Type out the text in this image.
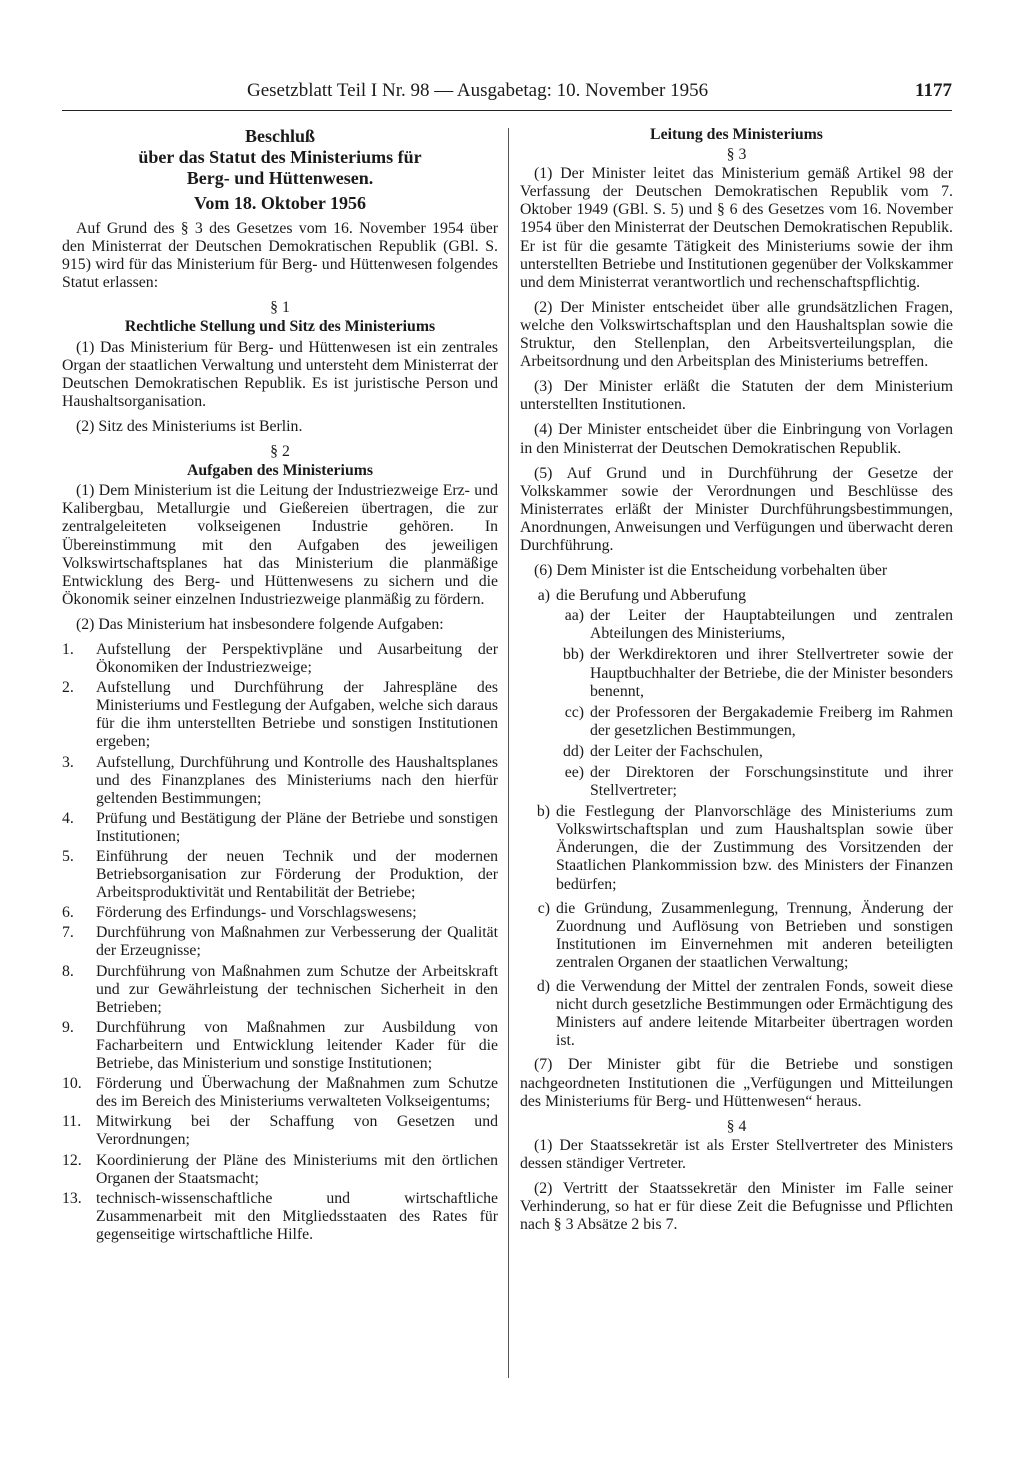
Gesetzblatt Teil I Nr. 98 — Ausgabetag: 10. November 1956	1177
Beschluß
über das Statut des Ministeriums für
Berg- und Hüttenwesen.
Vom 18. Oktober 1956

Auf Grund des § 3 des Gesetzes vom 16. November 1954 über den Ministerrat der Deutschen Demokratischen Republik (GBl. S. 915) wird für das Ministerium für Berg- und Hüttenwesen folgendes Statut erlassen:

§ 1
Rechtliche Stellung und Sitz des Ministeriums

(1) Das Ministerium für Berg- und Hüttenwesen ist ein zentrales Organ der staatlichen Verwaltung und untersteht dem Ministerrat der Deutschen Demokratischen Republik. Es ist juristische Person und Haushaltsorganisation.

(2) Sitz des Ministeriums ist Berlin.

§ 2
Aufgaben des Ministeriums

(1) Dem Ministerium ist die Leitung der Industriezweige Erz- und Kalibergbau, Metallurgie und Gießereien übertragen, die zur zentralgeleiteten volkseigenen Industrie gehören. In Übereinstimmung mit den Aufgaben des jeweiligen Volkswirtschaftsplanes hat das Ministerium die planmäßige Entwicklung des Berg- und Hüttenwesens zu sichern und die Ökonomik seiner einzelnen Industriezweige planmäßig zu fördern.

(2) Das Ministerium hat insbesondere folgende Aufgaben:

1.	Aufstellung der Perspektivpläne und Ausarbeitung der Ökonomiken der Industriezweige;
2.	Aufstellung und Durchführung der Jahrespläne des Ministeriums und Festlegung der Aufgaben, welche sich daraus für die ihm unterstellten Betriebe und sonstigen Institutionen ergeben;
3.	Aufstellung, Durchführung und Kontrolle des Haushaltsplanes und des Finanzplanes des Ministeriums nach den hierfür geltenden Bestimmungen;
4.	Prüfung und Bestätigung der Pläne der Betriebe und sonstigen Institutionen;
5.	Einführung der neuen Technik und der modernen Betriebsorganisation zur Förderung der Produktion, der Arbeitsproduktivität und Rentabilität der Betriebe;
6.	Förderung des Erfindungs- und Vorschlagswesens;
7.	Durchführung von Maßnahmen zur Verbesserung der Qualität der Erzeugnisse;
8.	Durchführung von Maßnahmen zum Schutze der Arbeitskraft und zur Gewährleistung der technischen Sicherheit in den Betrieben;
9.	Durchführung von Maßnahmen zur Ausbildung von Facharbeitern und Entwicklung leitender Kader für die Betriebe, das Ministerium und sonstige Institutionen;
10. Förderung und Überwachung der Maßnahmen zum Schutze des im Bereich des Ministeriums verwalteten Volkseigentums;
11. Mitwirkung bei der Schaffung von Gesetzen und Verordnungen;
12. Koordinierung der Pläne des Ministeriums mit den örtlichen Organen der Staatsmacht;
13. technisch-wissenschaftliche und wirtschaftliche Zusammenarbeit mit den Mitgliedsstaaten des Rates für gegenseitige wirtschaftliche Hilfe.
Leitung des Ministeriums
§ 3

(1) Der Minister leitet das Ministerium gemäß Artikel 98 der Verfassung der Deutschen Demokratischen Republik vom 7. Oktober 1949 (GBl. S. 5) und § 6 des Gesetzes vom 16. November 1954 über den Ministerrat der Deutschen Demokratischen Republik. Er ist für die gesamte Tätigkeit des Ministeriums sowie der ihm unterstellten Betriebe und Institutionen gegenüber der Volkskammer und dem Ministerrat verantwortlich und rechenschaftspflichtig.

(2) Der Minister entscheidet über alle grundsätzlichen Fragen, welche den Volkswirtschaftsplan und den Haushaltsplan sowie die Struktur, den Stellenplan, den Arbeitsverteilungsplan, die Arbeitsordnung und den Arbeitsplan des Ministeriums betreffen.

(3) Der Minister erläßt die Statuten der dem Ministerium unterstellten Institutionen.

(4) Der Minister entscheidet über die Einbringung von Vorlagen in den Ministerrat der Deutschen Demokratischen Republik.

(5) Auf Grund und in Durchführung der Gesetze der Volkskammer sowie der Verordnungen und Beschlüsse des Ministerrates erläßt der Minister Durchführungsbestimmungen, Anordnungen, Anweisungen und Verfügungen und überwacht deren Durchführung.

(6) Dem Minister ist die Entscheidung vorbehalten über

a) die Berufung und Abberufung
aa) der Leiter der Hauptabteilungen und zentralen Abteilungen des Ministeriums,
bb) der Werkdirektoren und ihrer Stellvertreter sowie der Hauptbuchhalter der Betriebe, die der Minister besonders benennt,
cc) der Professoren der Bergakademie Freiberg im Rahmen der gesetzlichen Bestimmungen,
dd) der Leiter der Fachschulen,
ee) der Direktoren der Forschungsinstitute und ihrer Stellvertreter;
b) die Festlegung der Planvorschläge des Ministeriums zum Volkswirtschaftsplan und zum Haushaltsplan sowie über Änderungen, die der Zustimmung des Vorsitzenden der Staatlichen Plankommission bzw. des Ministers der Finanzen bedürfen;
c) die Gründung, Zusammenlegung, Trennung, Änderung der Zuordnung und Auflösung von Betrieben und sonstigen Institutionen im Einvernehmen mit anderen beteiligten zentralen Organen der staatlichen Verwaltung;
d) die Verwendung der Mittel der zentralen Fonds, soweit diese nicht durch gesetzliche Bestimmungen oder Ermächtigung des Ministers auf andere leitende Mitarbeiter übertragen worden ist.

(7) Der Minister gibt für die Betriebe und sonstigen nachgeordneten Institutionen die „Verfügungen und Mitteilungen des Ministeriums für Berg- und Hüttenwesen“ heraus.

§ 4

(1) Der Staatssekretär ist als Erster Stellvertreter des Ministers dessen ständiger Vertreter.

(2) Vertritt der Staatssekretär den Minister im Falle seiner Verhinderung, so hat er für diese Zeit die Befugnisse und Pflichten nach § 3 Absätze 2 bis 7.
